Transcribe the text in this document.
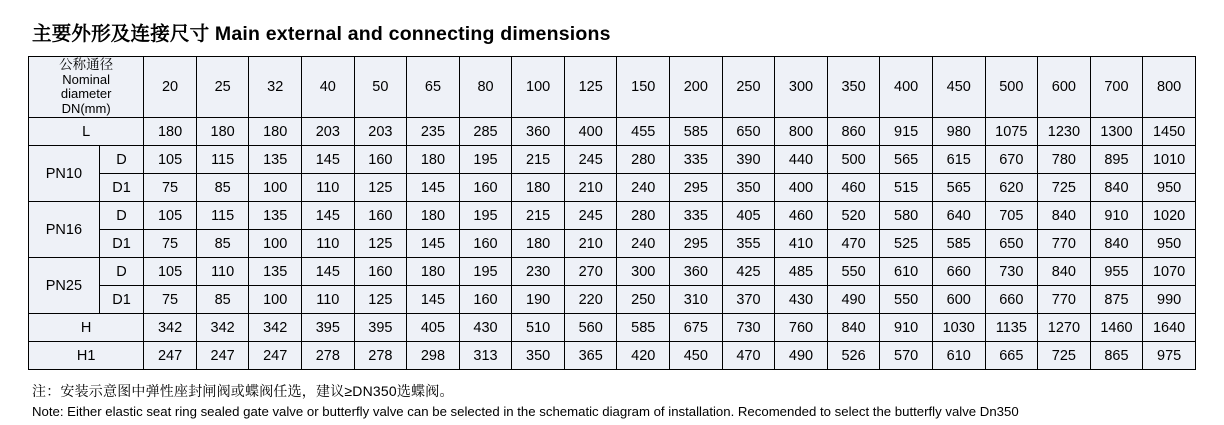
主要外形及连接尺寸 Main external and connecting dimensions
公称通径
Nominal
diameter
DN(mm)		20	25	32	40	50	65	80	100	125	150	200	250	300	350	400	450	500	600	700	800
L		180	180	180	203	203	235	285	360	400	455	585	650	800	860	915	980	1075	1230	1300	1450
PN10	D	105	115	135	145	160	180	195	215	245	280	335	390	440	500	565	615	670	780	895	1010
	D1	75	85	100	110	125	145	160	180	210	240	295	350	400	460	515	565	620	725	840	950
PN16	D	105	115	135	145	160	180	195	215	245	280	335	405	460	520	580	640	705	840	910	1020
	D1	75	85	100	110	125	145	160	180	210	240	295	355	410	470	525	585	650	770	840	950
PN25	D	105	110	135	145	160	180	195	230	270	300	360	425	485	550	610	660	730	840	955	1070
	D1	75	85	100	110	125	145	160	190	220	250	310	370	430	490	550	600	660	770	875	990
H		342	342	342	395	395	405	430	510	560	585	675	730	760	840	910	1030	1135	1270	1460	1640
H1		247	247	247	278	278	298	313	350	365	420	450	470	490	526	570	610	665	725	865	975
注：安装示意图中弹性座封闸阀或蝶阀任选，建议≥DN350选蝶阀。
Note: Either elastic seat ring sealed gate valve or butterfly valve can be selected in the schematic diagram of installation. Recomended to select the butterfly valve Dn350
